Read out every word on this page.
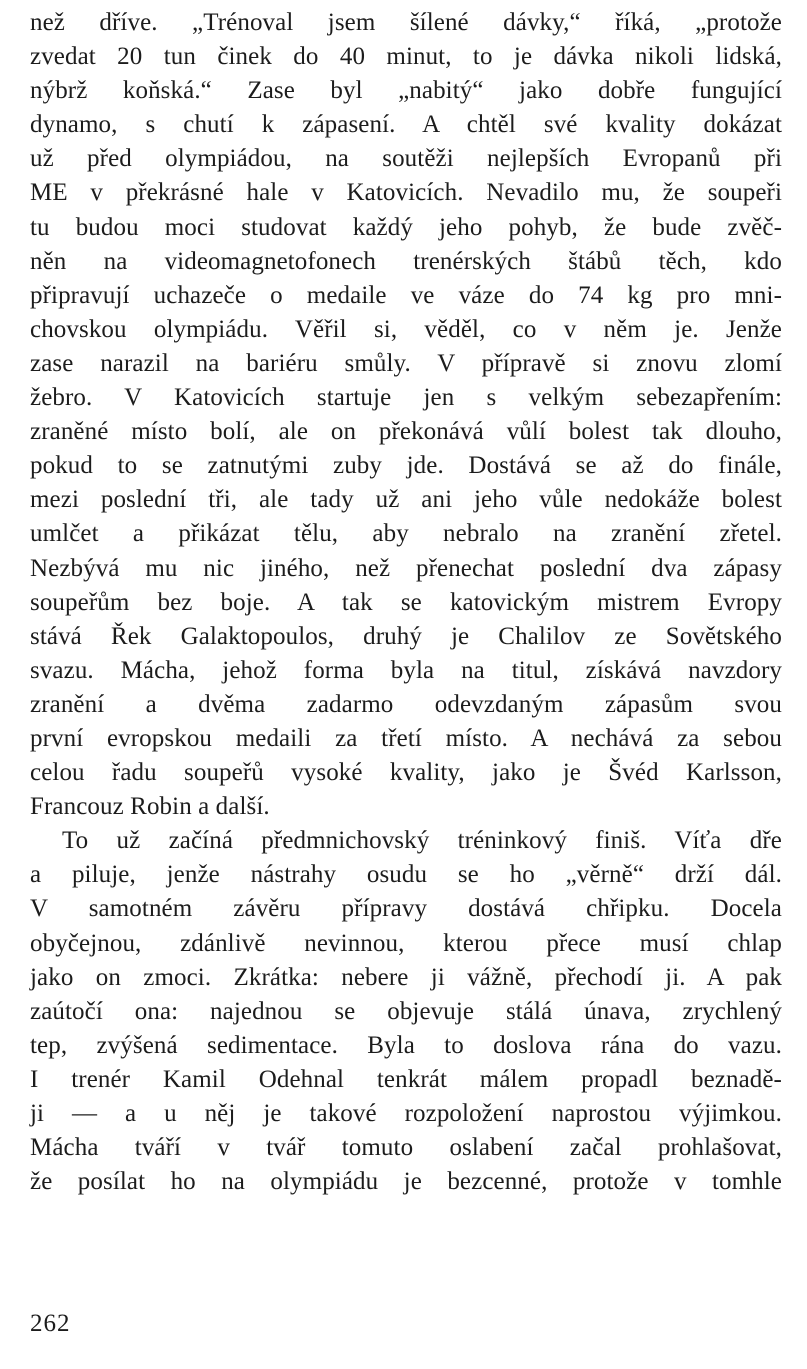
než dříve. „Trénoval jsem šílené dávky,“ říká, „protože
zvedat 20 tun činek do 40 minut, to je dávka nikoli lidská,
nýbrž koňská.“ Zase byl „nabitý“ jako dobře fungující
dynamo, s chutí k zápasení. A chtěl své kvality dokázat
už před olympiádou, na soutěži nejlepších Evropanů při
ME v překrásné hale v Katovicích. Nevadilo mu, že soupeři
tu budou moci studovat každý jeho pohyb, že bude zvěč-
něn na videomagnetofonech trenérských štábů těch, kdo
připravují uchazeče o medaile ve váze do 74 kg pro mni-
chovskou olympiádu. Věřil si, věděl, co v něm je. Jenže
zase narazil na bariéru smůly. V přípravě si znovu zlomí
žebro. V Katovicích startuje jen s velkým sebezapřením:
zraněné místo bolí, ale on překonává vůlí bolest tak dlouho,
pokud to se zatnutými zuby jde. Dostává se až do finále,
mezi poslední tři, ale tady už ani jeho vůle nedokáže bolest
umlčet a přikázat tělu, aby nebralo na zranění zřetel.
Nezbývá mu nic jiného, než přenechat poslední dva zápasy
soupeřům bez boje. A tak se katovickým mistrem Evropy
stává Řek Galaktopoulos, druhý je Chalilov ze Sovětského
svazu. Mácha, jehož forma byla na titul, získává navzdory
zranění a dvěma zadarmo odevzdaným zápasům svou
první evropskou medaili za třetí místo. A nechává za sebou
celou řadu soupeřů vysoké kvality, jako je Švéd Karlsson,
Francouz Robin a další.
To už začíná předmnichovský tréninkový finiš. Víťa dře
a piluje, jenže nástrahy osudu se ho „věrně“ drží dál.
V samotném závěru přípravy dostává chřipku. Docela
obyčejnou, zdánlivě nevinnou, kterou přece musí chlap
jako on zmoci. Zkrátka: nebere ji vážně, přechodí ji. A pak
zaútočí ona: najednou se objevuje stálá únava, zrychlený
tep, zvýšená sedimentace. Byla to doslova rána do vazu.
I trenér Kamil Odehnal tenkrát málem propadl beznadě-
ji — a u něj je takové rozpoložení naprostou výjimkou.
Mácha tváří v tvář tomuto oslabení začal prohlašovat,
že posílat ho na olympiádu je bezcenné, protože v tomhle
262
